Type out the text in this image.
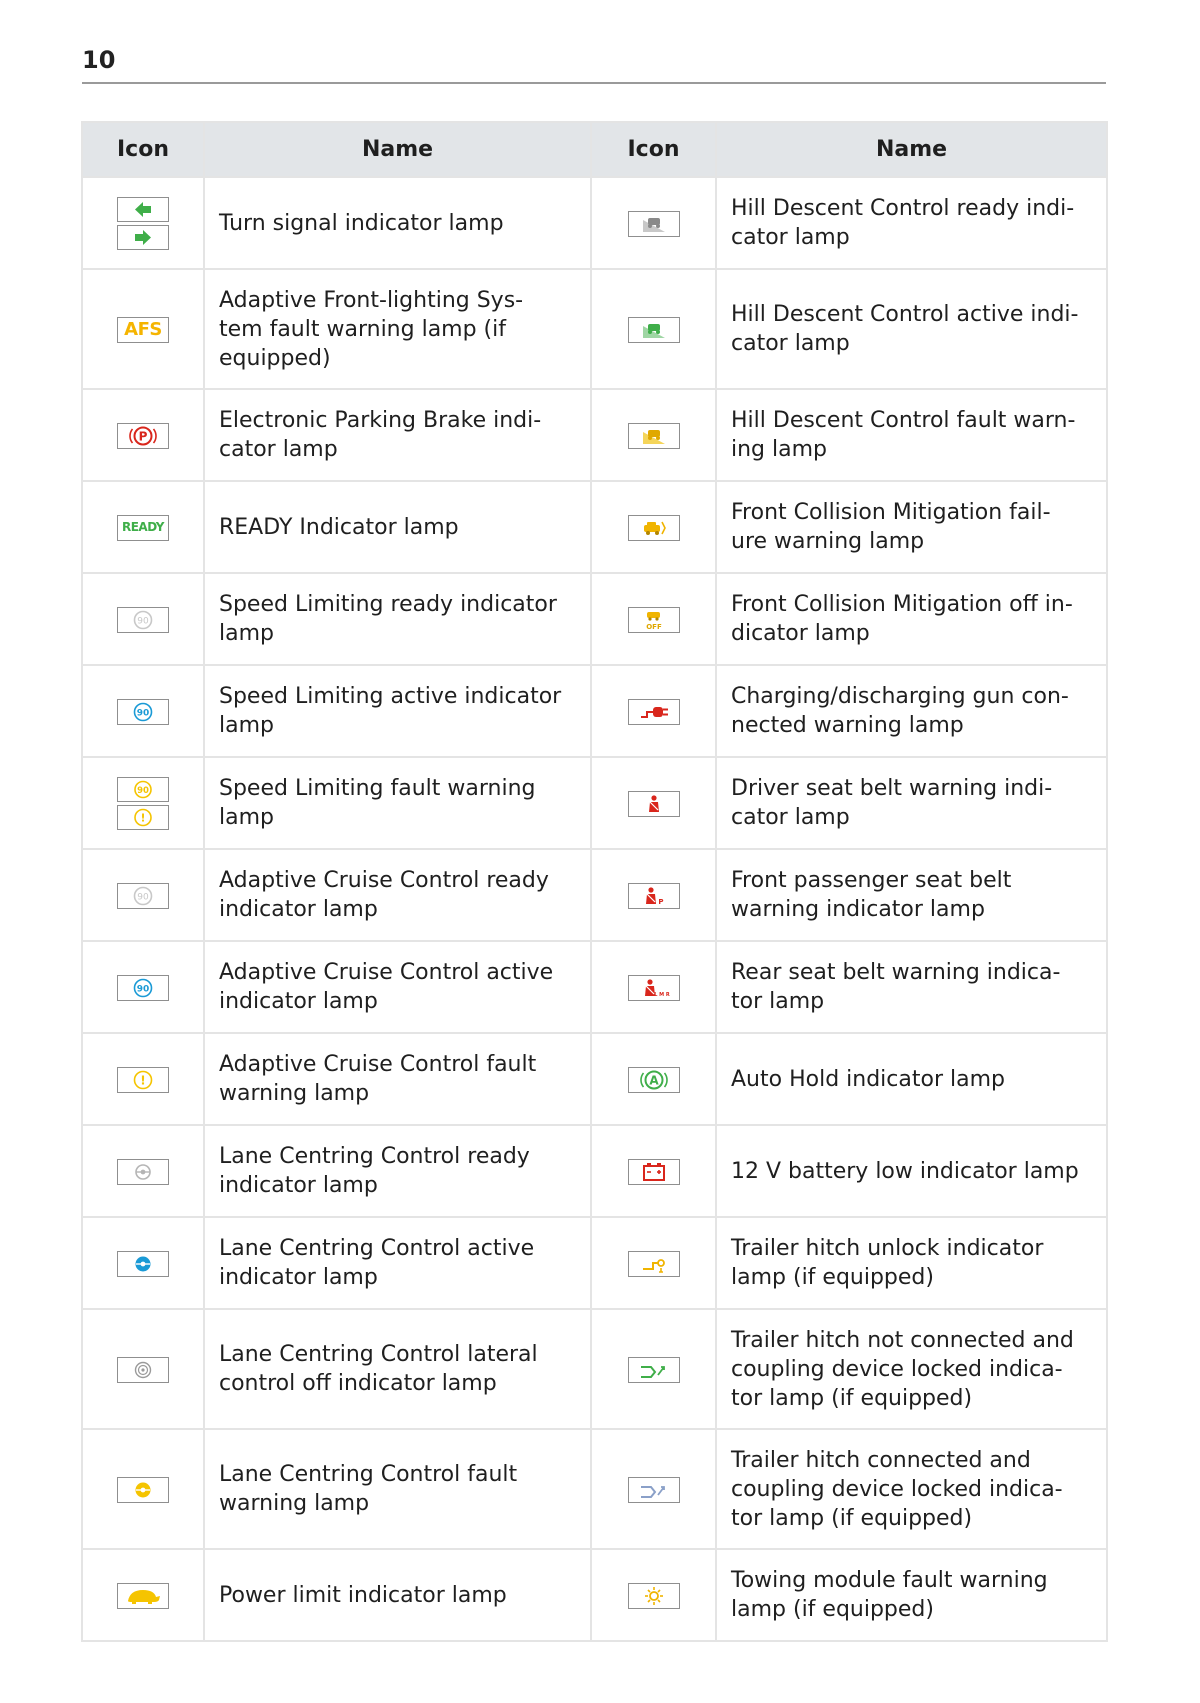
10
Icon	Name	Icon	Name

	Turn signal indicator lamp		Hill Descent Control ready indi-
cator lamp
AFS	Adaptive Front-lighting Sys-
tem fault warning lamp (if
equipped)		Hill Descent Control active indi-
cator lamp

P	Electronic Parking Brake indi-
cator lamp		Hill Descent Control fault warn-
ing lamp
READY	READY Indicator lamp		Front Collision Mitigation fail-
ure warning lamp

90	Speed Limiting ready indicator
lamp	OFF	Front Collision Mitigation off in-
dicator lamp

90	Speed Limiting active indicator
lamp		Charging/discharging gun con-
nected warning lamp

90
!	Speed Limiting fault warning
lamp		Driver seat belt warning indi-
cator lamp

90	Adaptive Cruise Control ready
indicator lamp	P	Front passenger seat belt
warning indicator lamp

90	Adaptive Cruise Control active
indicator lamp	L M R	Rear seat belt warning indica-
tor lamp

!	Adaptive Cruise Control fault
warning lamp	A	Auto Hold indicator lamp

	Lane Centring Control ready
indicator lamp		12 V battery low indicator lamp

	Lane Centring Control active
indicator lamp		Trailer hitch unlock indicator
lamp (if equipped)

	Lane Centring Control lateral
control off indicator lamp		Trailer hitch not connected and
coupling device locked indica-
tor lamp (if equipped)

	Lane Centring Control fault
warning lamp		Trailer hitch connected and
coupling device locked indica-
tor lamp (if equipped)

	Power limit indicator lamp		Towing module fault warning
lamp (if equipped)
